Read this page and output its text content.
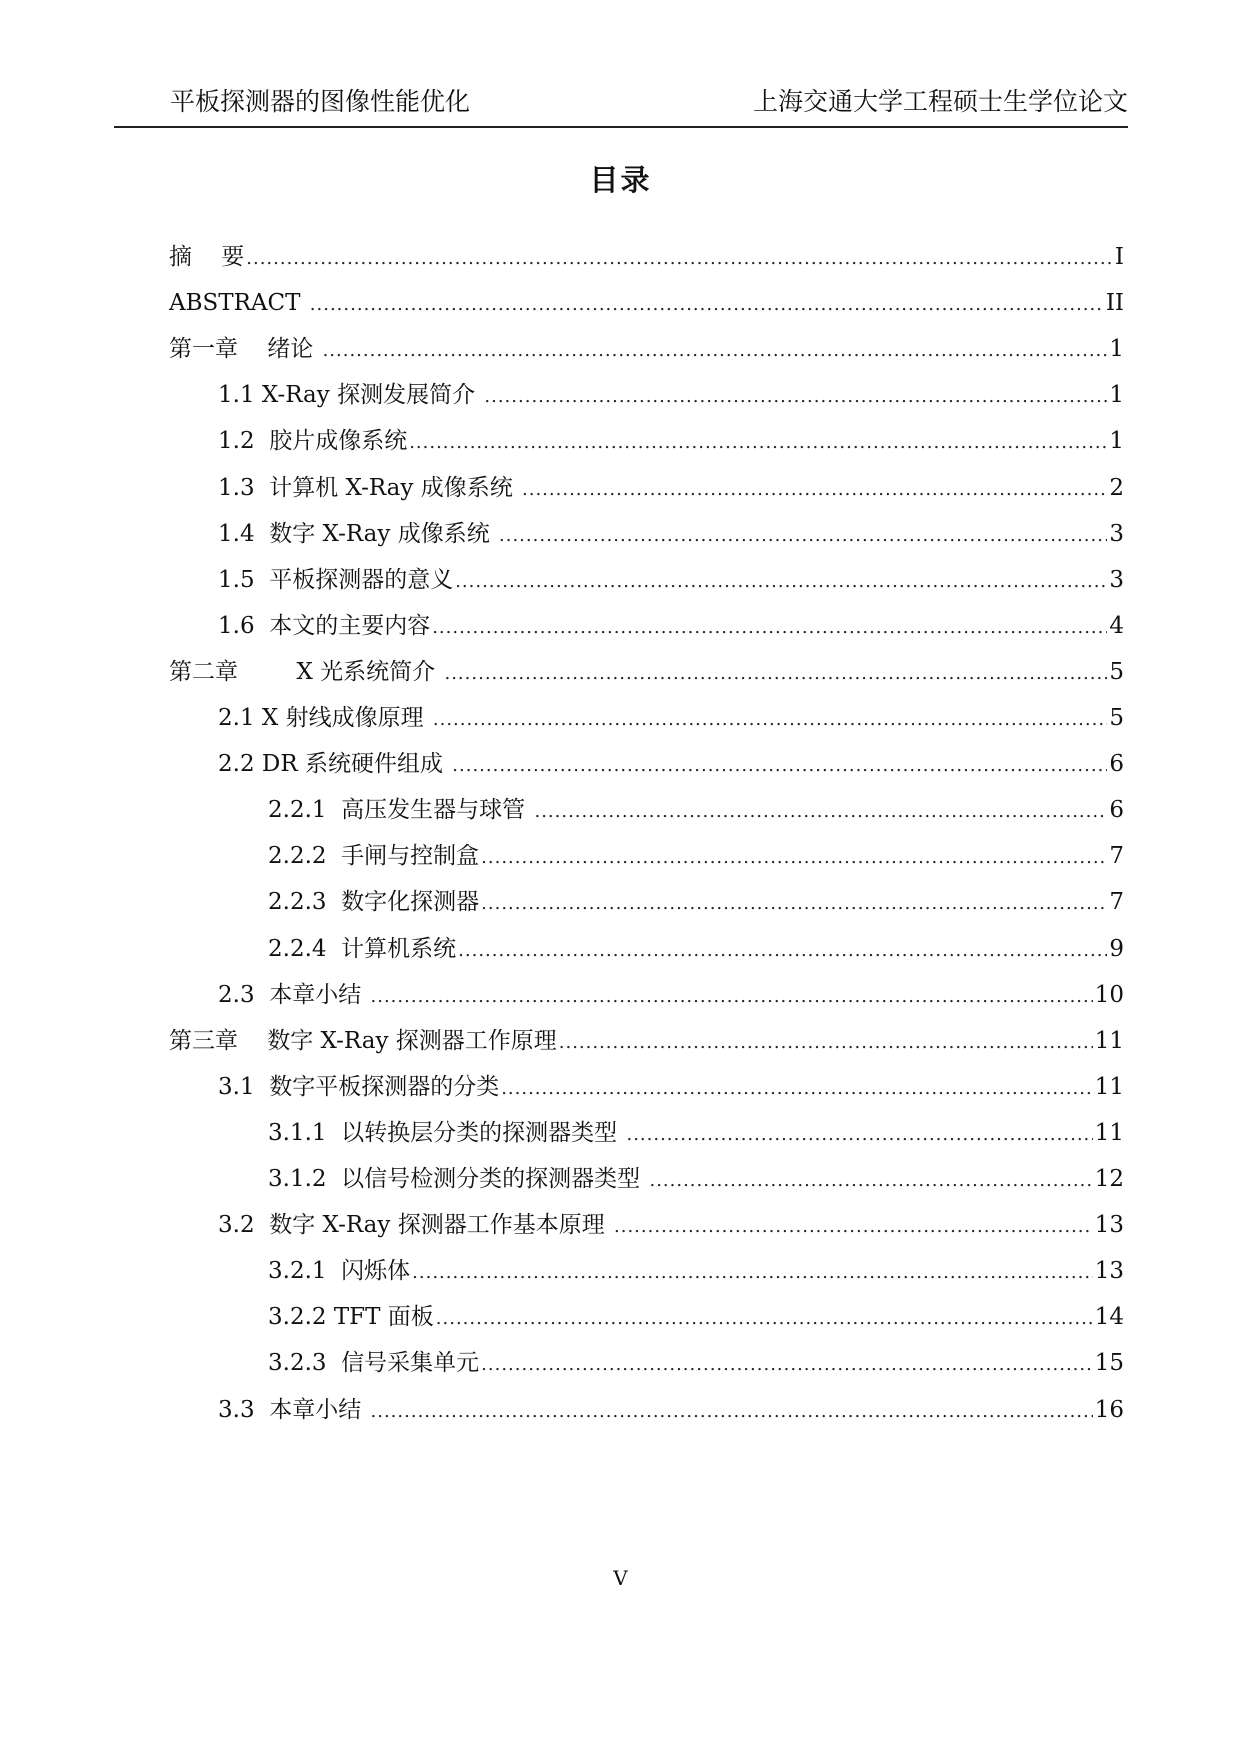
平板探测器的图像性能优化	上海交通大学工程硕士生学位论文
目录
摘    要 .....	I
ABSTRACT .....	II
第一章    绪论 .....	1
1.1 X-Ray 探测发展简介 .....	1
1.2  胶片成像系统 .....	1
1.3  计算机 X-Ray 成像系统 .....	2
1.4  数字 X-Ray 成像系统 .....	3
1.5  平板探测器的意义 .....	3
1.6  本文的主要内容 .....	4
第二章        X 光系统简介 .....	5
2.1 X 射线成像原理 .....	5
2.2 DR 系统硬件组成 .....	6
2.2.1  高压发生器与球管 .....	6
2.2.2  手闸与控制盒 .....	7
2.2.3  数字化探测器 .....	7
2.2.4  计算机系统 .....	9
2.3  本章小结 .....	10
第三章    数字 X-Ray 探测器工作原理 .....	11
3.1  数字平板探测器的分类 .....	11
3.1.1  以转换层分类的探测器类型 .....	11
3.1.2  以信号检测分类的探测器类型 .....	12
3.2  数字 X-Ray 探测器工作基本原理 .....	13
3.2.1  闪烁体 .....	13
3.2.2 TFT 面板 .....	14
3.2.3  信号采集单元 .....	15
3.3  本章小结 .....	16
V
